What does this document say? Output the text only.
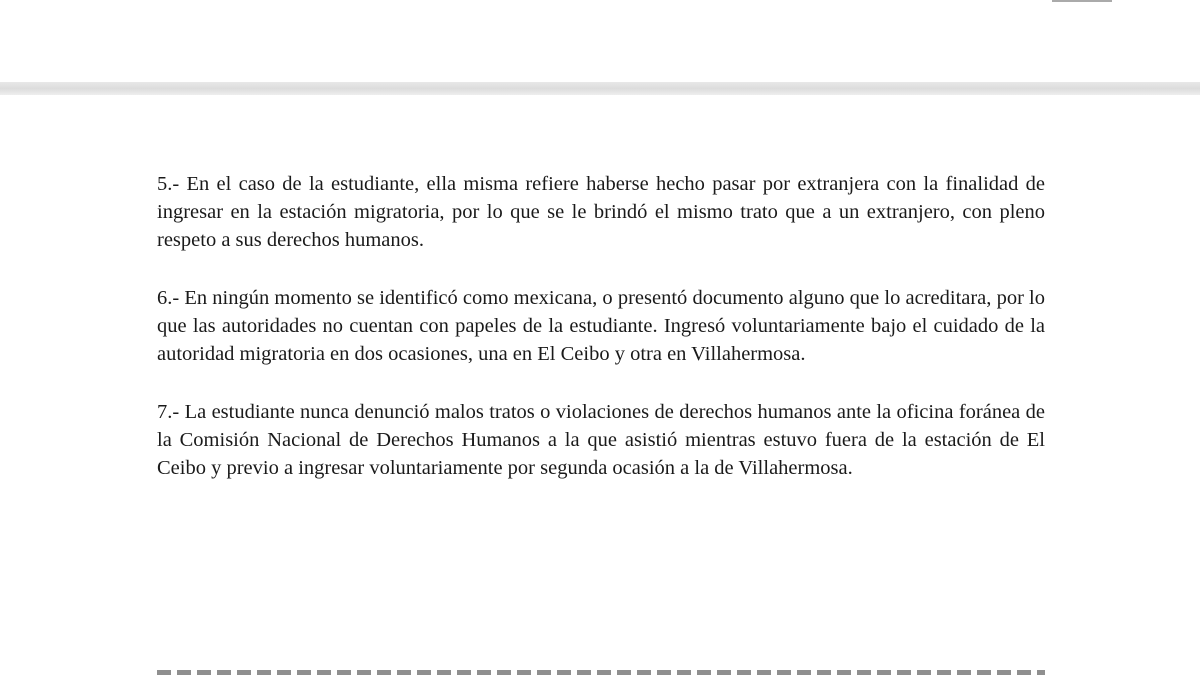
5.- En el caso de la estudiante, ella misma refiere haberse hecho pasar por extranjera con la finalidad de ingresar en la estación migratoria, por lo que se le brindó el mismo trato que a un extranjero, con pleno respeto a sus derechos humanos.

6.- En ningún momento se identificó como mexicana, o presentó documento alguno que lo acreditara, por lo que las autoridades no cuentan con papeles de la estudiante. Ingresó voluntariamente bajo el cuidado de la autoridad migratoria en dos ocasiones, una en El Ceibo y otra en Villahermosa.

7.- La estudiante nunca denunció malos tratos o violaciones de derechos humanos ante la oficina foránea de la Comisión Nacional de Derechos Humanos a la que asistió mientras estuvo fuera de la estación de El Ceibo y previo a ingresar voluntariamente por segunda ocasión a la de Villahermosa.
